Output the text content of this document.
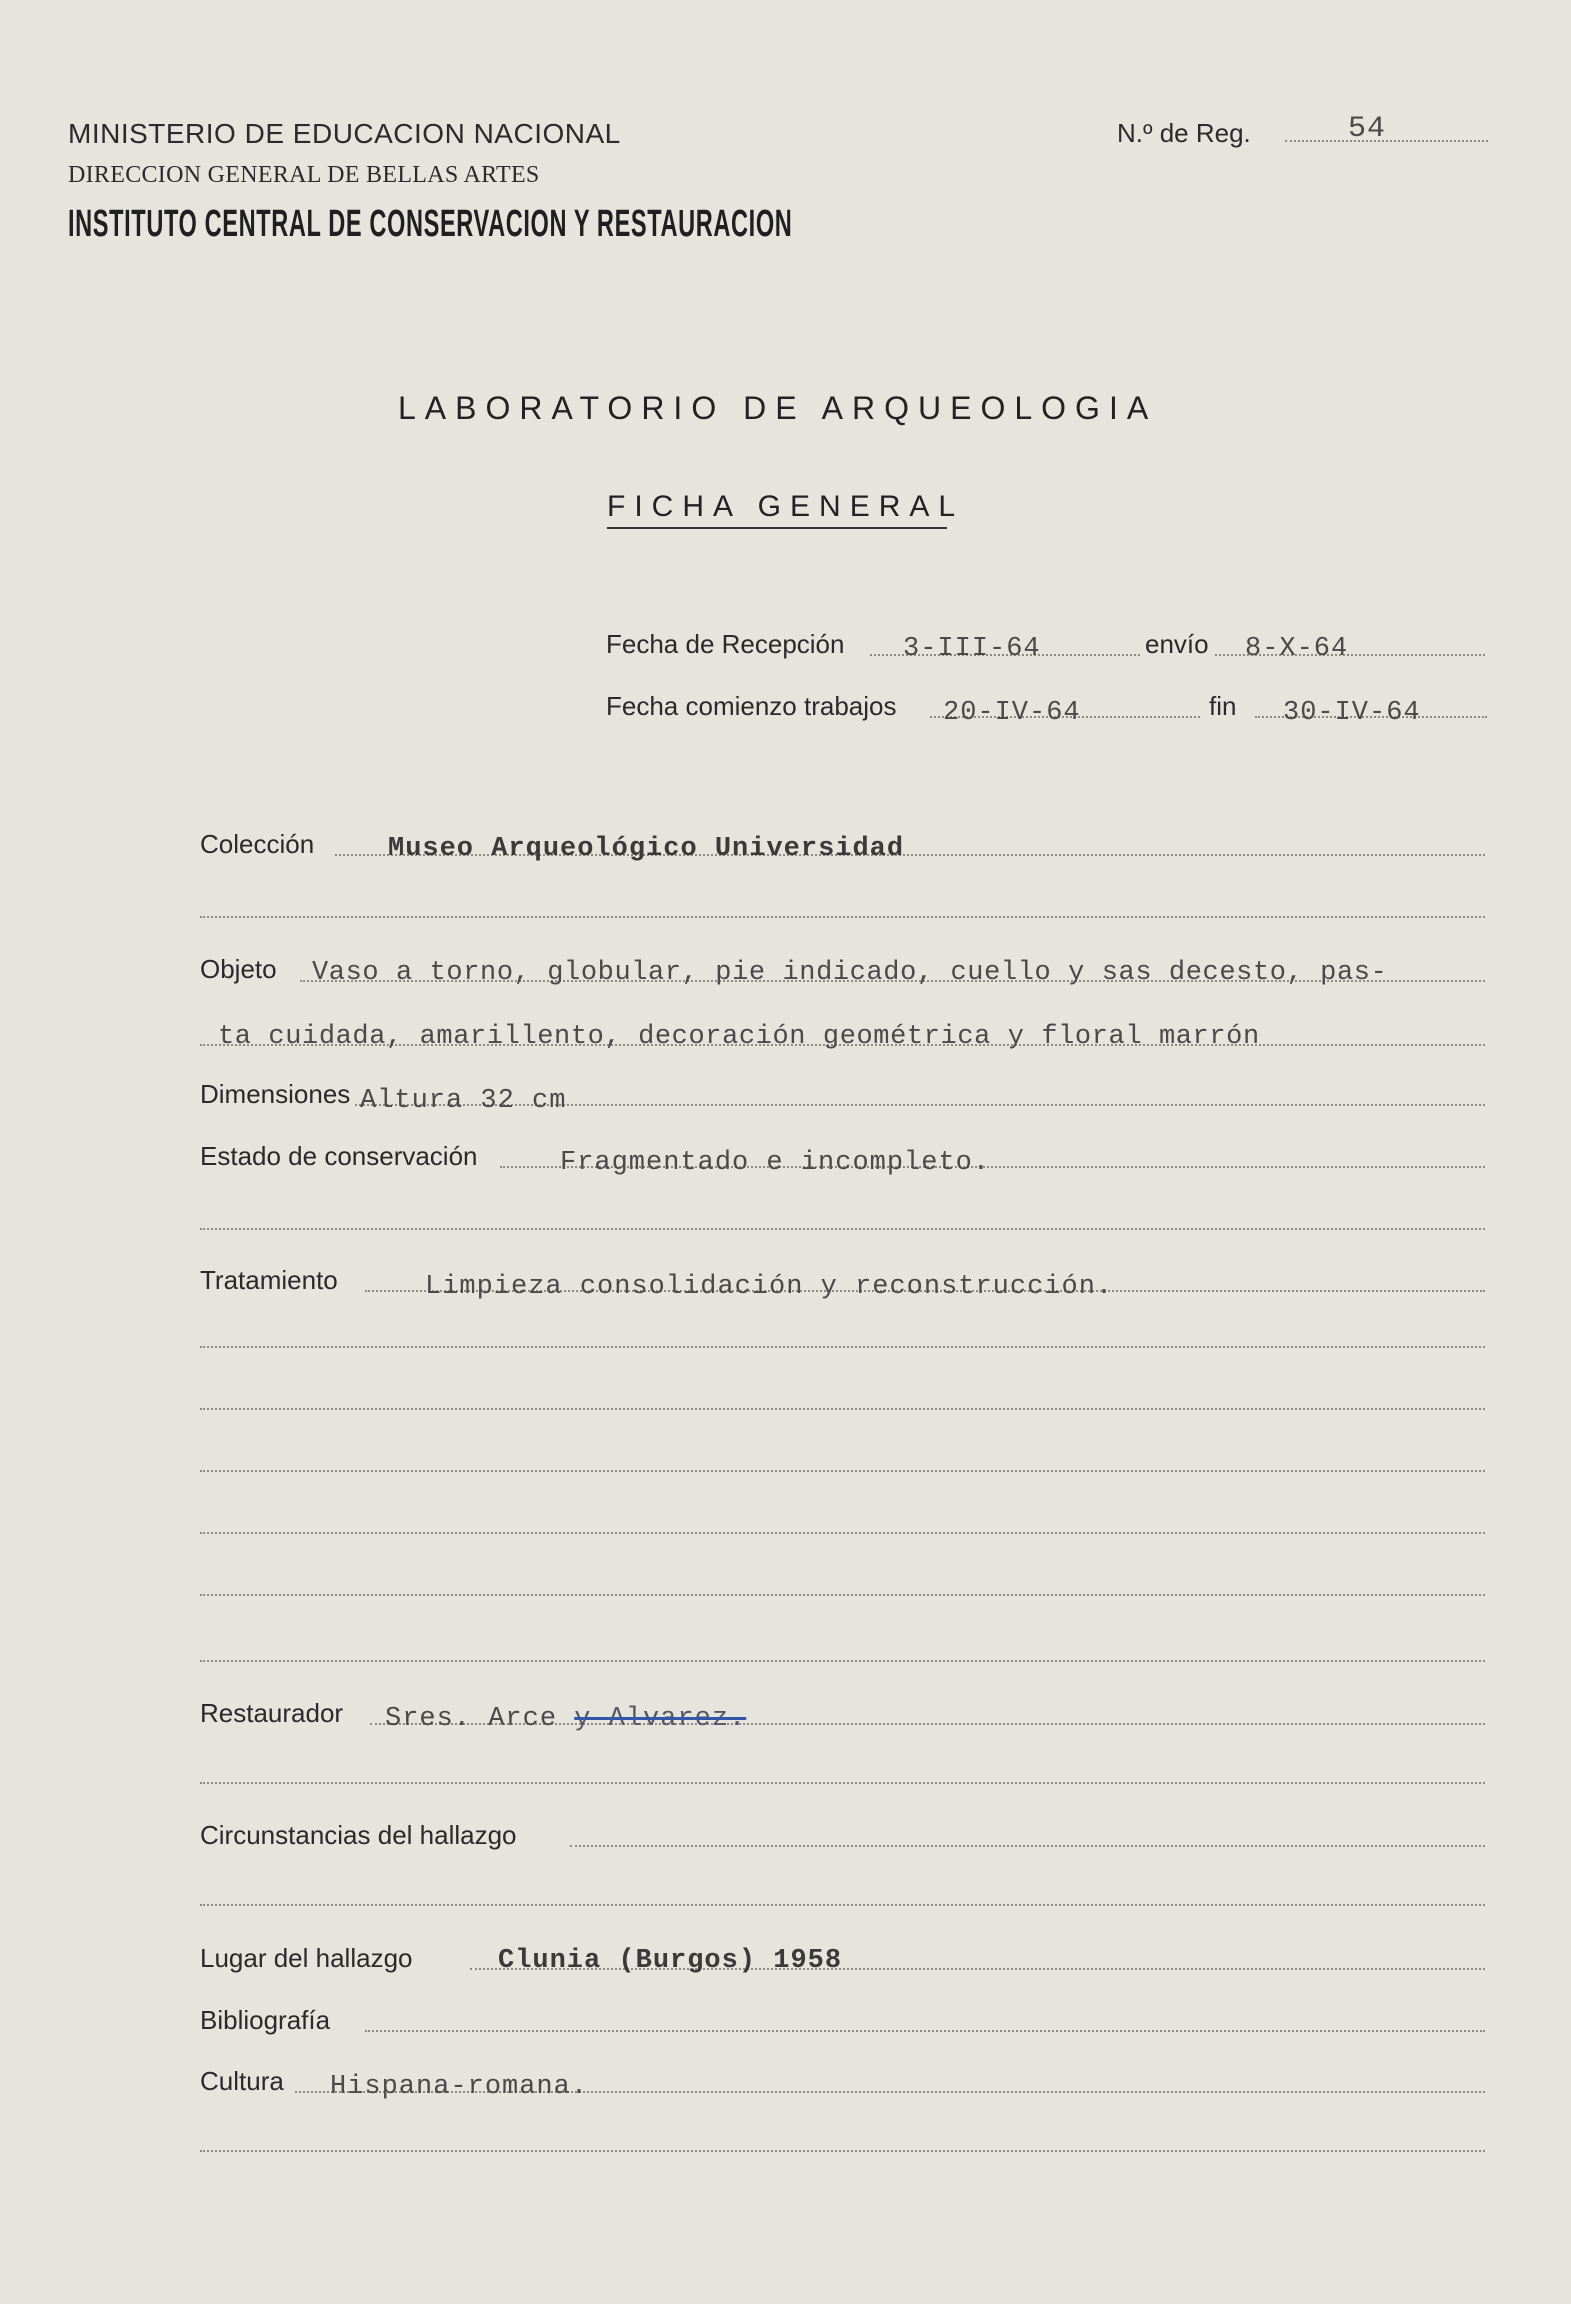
MINISTERIO DE EDUCACION NACIONAL
DIRECCION GENERAL DE BELLAS ARTES
INSTITUTO CENTRAL DE CONSERVACION Y RESTAURACION
N.º de Reg.	54
LABORATORIO DE ARQUEOLOGIA
FICHA GENERAL
Fecha de Recepción 3-III-64	envío 8-X-64
Fecha comienzo trabajos 20-IV-64	fin 30-IV-64
Colección	Museo Arqueológico Universidad
Objeto Vaso a torno, globular, pie indicado, cuello y sas decesto, pas-
ta cuidada, amarillento, decoración geométrica y floral marrón
Dimensiones Altura 32 cm
Estado de conservación	Fragmentado e incompleto.
Tratamiento	Limpieza consolidación y reconstrucción.
Restaurador Sres. Arce y Alvarez.
Circunstancias del hallazgo
Lugar del hallazgo	Clunia (Burgos) 1958
Bibliografía
Cultura Hispana-romana.
